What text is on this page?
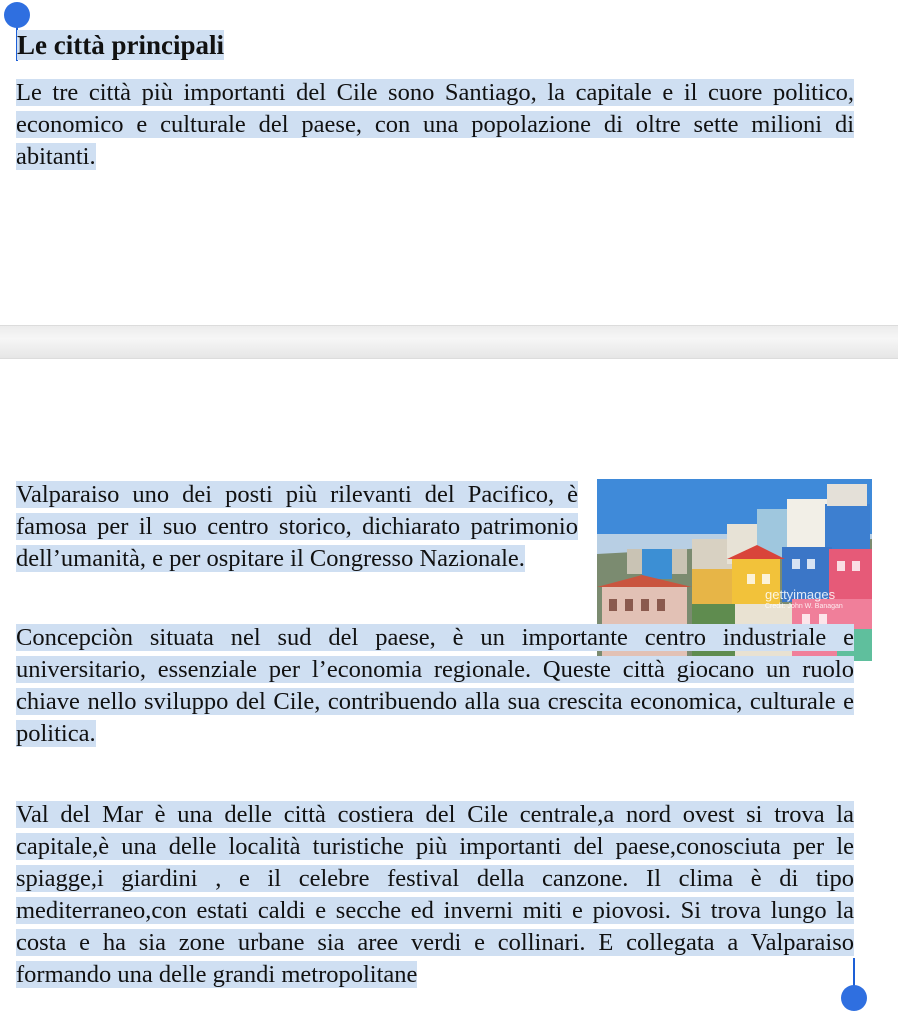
Le città principali

Le tre città più importanti del Cile sono Santiago, la capitale e il cuore politico, economico e culturale del paese, con una popolazione di oltre sette milioni di abitanti.

Valparaiso uno dei posti più rilevanti del Pacifico, è famosa per il suo centro storico, dichiarato patrimonio dell’umanità, e per ospitare il Congresso Nazionale.

gettyimages
Credit: John W. Banagan

Concepciòn situata nel sud del paese, è un importante centro industriale e universitario, essenziale per l’economia regionale. Queste città giocano un ruolo chiave nello sviluppo del Cile, contribuendo alla sua crescita economica, culturale e politica.

Val del Mar è una delle città costiera del Cile centrale,a nord ovest si trova la capitale,è una delle località turistiche più importanti del paese,conosciuta per le spiagge,i giardini , e il celebre festival della canzone. Il clima è di tipo mediterraneo,con estati caldi e secche ed inverni miti e piovosi. Si trova lungo la costa e ha sia zone urbane sia aree verdi e collinari. E collegata a Valparaiso formando una delle grandi metropolitane
